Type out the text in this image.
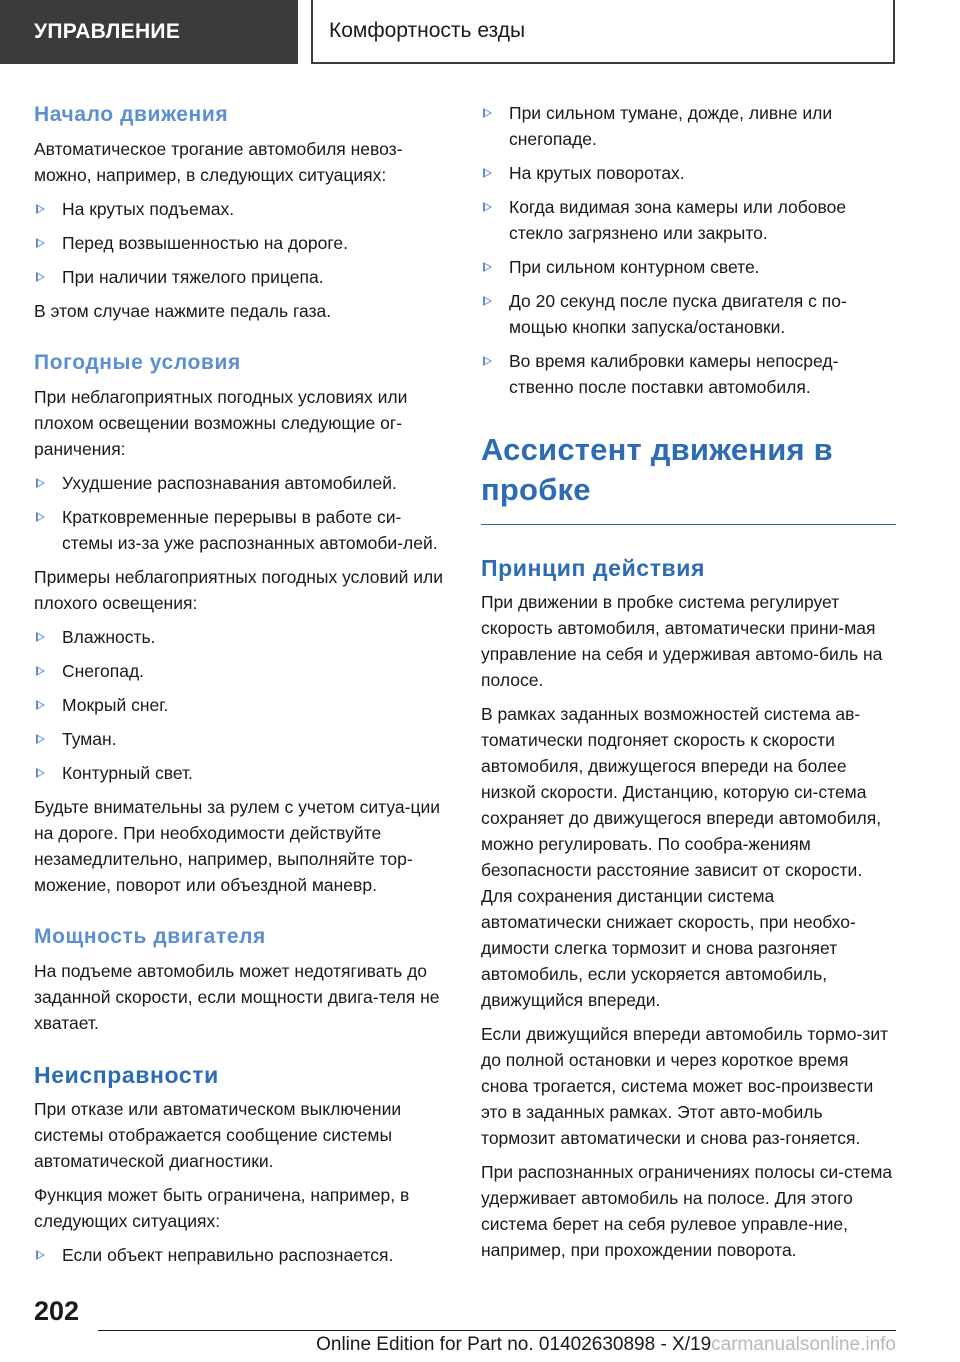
УПРАВЛЕНИЕ	Комфортность езды
Начало движения

Автоматическое трогание автомобиля невоз-можно, например, в следующих ситуациях:

На крутых подъемах.
Перед возвышенностью на дороге.
При наличии тяжелого прицепа.

В этом случае нажмите педаль газа.

Погодные условия

При неблагоприятных погодных условиях или плохом освещении возможны следующие ог-раничения:

Ухудшение распознавания автомобилей.
Кратковременные перерывы в работе си-стемы из-за уже распознанных автомоби-лей.

Примеры неблагоприятных погодных условий или плохого освещения:

Влажность.
Снегопад.
Мокрый снег.
Туман.
Контурный свет.

Будьте внимательны за рулем с учетом ситуа-ции на дороге. При необходимости действуйте незамедлительно, например, выполняйте тор-можение, поворот или объездной маневр.

Мощность двигателя

На подъеме автомобиль может недотягивать до заданной скорости, если мощности двига-теля не хватает.

Неисправности

При отказе или автоматическом выключении системы отображается сообщение системы автоматической диагностики.

Функция может быть ограничена, например, в следующих ситуациях:

Если объект неправильно распознается.
При сильном тумане, дожде, ливне или снегопаде.
На крутых поворотах.
Когда видимая зона камеры или лобовое стекло загрязнено или закрыто.
При сильном контурном свете.
До 20 секунд после пуска двигателя с по-мощью кнопки запуска/остановки.
Во время калибровки камеры непосред-ственно после поставки автомобиля.
Ассистент движения в пробке
Принцип действия

При движении в пробке система регулирует скорость автомобиля, автоматически прини-мая управление на себя и удерживая автомо-биль на полосе.

В рамках заданных возможностей система ав-томатически подгоняет скорость к скорости автомобиля, движущегося впереди на более низкой скорости. Дистанцию, которую си-стема сохраняет до движущегося впереди автомобиля, можно регулировать. По сообра-жениям безопасности расстояние зависит от скорости. Для сохранения дистанции система автоматически снижает скорость, при необхо-димости слегка тормозит и снова разгоняет автомобиль, если ускоряется автомобиль, движущийся впереди.

Если движущийся впереди автомобиль тормо-зит до полной остановки и через короткое время снова трогается, система может вос-произвести это в заданных рамках. Этот авто-мобиль тормозит автоматически и снова раз-гоняется.

При распознанных ограничениях полосы си-стема удерживает автомобиль на полосе. Для этого система берет на себя рулевое управле-ние, например, при прохождении поворота.

202
Online Edition for Part no. 01402630898 - X/19carmanualsonline.info
